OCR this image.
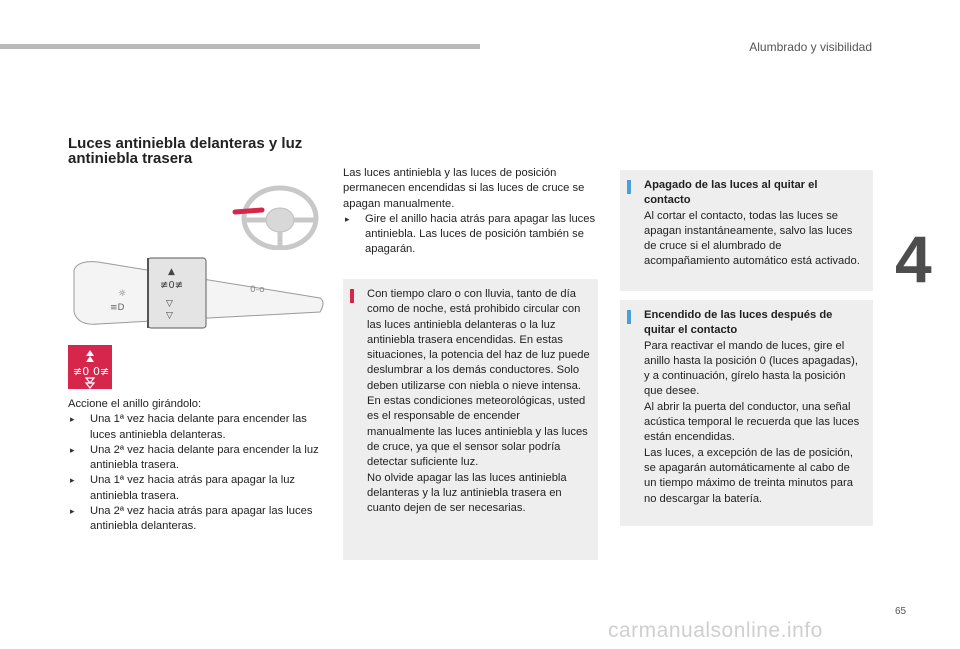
Alumbrado y visibilidad
4
Luces antiniebla delanteras y luz antiniebla trasera
≢0≢
▽
▽
▲
☼
≡D
0-o
≢0 0≢

Accione el anillo girándolo:

▸ Una 1ª vez hacia delante para encender las luces antiniebla delanteras.
▸ Una 2ª vez hacia delante para encender la luz antiniebla trasera.
▸ Una 1ª vez hacia atrás para apagar la luz antiniebla trasera.
▸ Una 2ª vez hacia atrás para apagar las luces antiniebla delanteras.

Las luces antiniebla y las luces de posición permanecen encendidas si las luces de cruce se apagan manualmente.

▸ Gire el anillo hacia atrás para apagar las luces antiniebla. Las luces de posición también se apagarán.

Con tiempo claro o con lluvia, tanto de día como de noche, está prohibido circular con las luces antiniebla delanteras o la luz antiniebla trasera encendidas. En estas situaciones, la potencia del haz de luz puede deslumbrar a los demás conductores. Solo deben utilizarse con niebla o nieve intensa.

En estas condiciones meteorológicas, usted es el responsable de encender manualmente las luces antiniebla y las luces de cruce, ya que el sensor solar podría detectar suficiente luz.

No olvide apagar las las luces antiniebla delanteras y la luz antiniebla trasera en cuanto dejen de ser necesarias.

Apagado de las luces al quitar el contacto

Al cortar el contacto, todas las luces se apagan instantáneamente, salvo las luces de cruce si el alumbrado de acompañamiento automático está activado.

Encendido de las luces después de quitar el contacto

Para reactivar el mando de luces, gire el anillo hasta la posición 0 (luces apagadas), y a continuación, gírelo hasta la posición que desee.

Al abrir la puerta del conductor, una señal acústica temporal le recuerda que las luces están encendidas.

Las luces, a excepción de las de posición, se apagarán automáticamente al cabo de un tiempo máximo de treinta minutos para no descargar la batería.

65
carmanualsonline.info
